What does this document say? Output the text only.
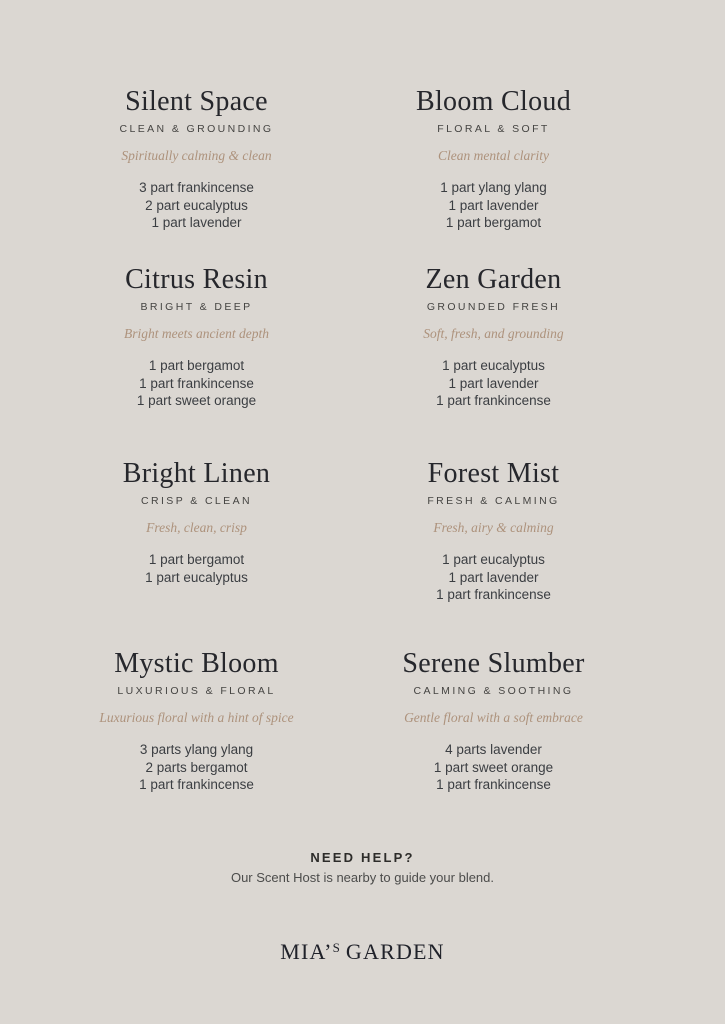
Silent Space
CLEAN & GROUNDING
Spiritually calming & clean
3 part frankincense
2 part eucalyptus
1 part lavender
Bloom Cloud
FLORAL & SOFT
Clean mental clarity
1 part ylang ylang
1 part lavender
1 part bergamot
Citrus Resin
BRIGHT & DEEP
Bright meets ancient depth
1 part bergamot
1 part frankincense
1 part sweet orange
Zen Garden
GROUNDED FRESH
Soft, fresh, and grounding
1 part eucalyptus
1 part lavender
1 part frankincense
Bright Linen
CRISP & CLEAN
Fresh, clean, crisp
1 part bergamot
1 part eucalyptus
Forest Mist
FRESH & CALMING
Fresh, airy & calming
1 part eucalyptus
1 part lavender
1 part frankincense
Mystic Bloom
LUXURIOUS & FLORAL
Luxurious floral with a hint of spice
3 parts ylang ylang
2 parts bergamot
1 part frankincense
Serene Slumber
CALMING & SOOTHING
Gentle floral with a soft embrace
4 parts lavender
1 part sweet orange
1 part frankincense
NEED HELP?
Our Scent Host is nearby to guide your blend.
MIA’$^S$ GARDEN
